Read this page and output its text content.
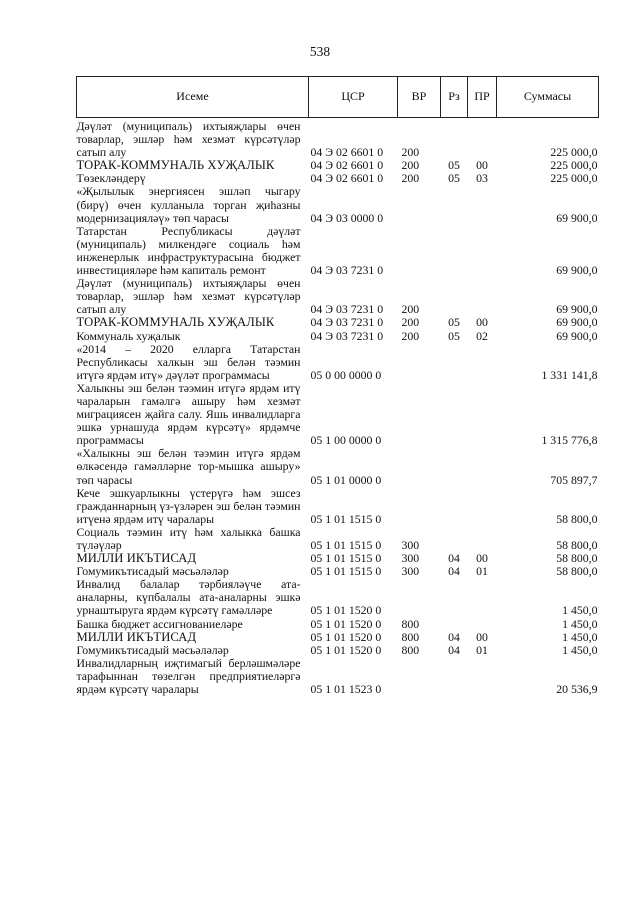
538
Исеме	ЦСР	ВР	Рз	ПР	Суммасы
Дәүләт (муниципаль) ихтыяҗлары өчен товарлар, эшләр һәм хезмәт күрсәтүләр сатып алу	04 Э 02 6601 0	200			225 000,0
ТОРАК-КОММУНАЛЬ ХУҖАЛЫК	04 Э 02 6601 0	200	05	00	225 000,0
Төзекләндерү	04 Э 02 6601 0	200	05	03	225 000,0
«Җылылык энергиясен эшләп чыгару (бирү) өчен кулланыла торган җиһазны модернизацияләү» төп чарасы	04 Э 03 0000 0				69 900,0
Татарстан Республикасы дәүләт (муниципаль) милкендәге социаль һәм инженерлык инфраструктурасына бюджет инвестицияләре һәм капиталь ремонт	04 Э 03 7231 0				69 900,0
Дәүләт (муниципаль) ихтыяҗлары өчен товарлар, эшләр һәм хезмәт күрсәтүләр сатып алу	04 Э 03 7231 0	200			69 900,0
ТОРАК-КОММУНАЛЬ ХУҖАЛЫК	04 Э 03 7231 0	200	05	00	69 900,0
Коммуналь хуҗалык	04 Э 03 7231 0	200	05	02	69 900,0
«2014 – 2020 елларга Татарстан Республикасы халкын эш белән тәэмин итүгә ярдәм итү» дәүләт программасы	05 0 00 0000 0				1 331 141,8
Халыкны эш белән тәэмин итүгә ярдәм итү чараларын гамәлгә ашыру һәм хезмәт миграциясен җайга салу. Яшь инвалидларга эшкә урнашуда ярдәм күрсәтү» ярдәмче программасы	05 1 00 0000 0				1 315 776,8
«Халыкны эш белән тәэмин итүгә ярдәм өлкәсендә гамәлләрне тор-мышка ашыру» төп чарасы	05 1 01 0000 0				705 897,7
Кече эшкуарлыкны үстерүгә һәм эшсез гражданнарның үз-үзләрен эш белән тәэмин итүенә ярдәм итү чаралары	05 1 01 1515 0				58 800,0
Социаль тәэмин итү һәм халыкка башка түләүләр	05 1 01 1515 0	300			58 800,0
МИЛЛИ ИКЪТИСАД	05 1 01 1515 0	300	04	00	58 800,0
Гомумикътисадый мәсьәләләр	05 1 01 1515 0	300	04	01	58 800,0
Инвалид балалар тәрбияләүче ата-аналарны, күпбалалы ата-аналарны эшкә урнаштыруга ярдәм күрсәтү гамәлләре	05 1 01 1520 0				1 450,0
Башка бюджет ассигнованиеләре	05 1 01 1520 0	800			1 450,0
МИЛЛИ ИКЪТИСАД	05 1 01 1520 0	800	04	00	1 450,0
Гомумикътисадый мәсьәләләр	05 1 01 1520 0	800	04	01	1 450,0
Инвалидларның иҗтимагый берләшмәләре тарафыннан төзелгән предприятиеләргә ярдәм күрсәтү чаралары	05 1 01 1523 0				20 536,9
